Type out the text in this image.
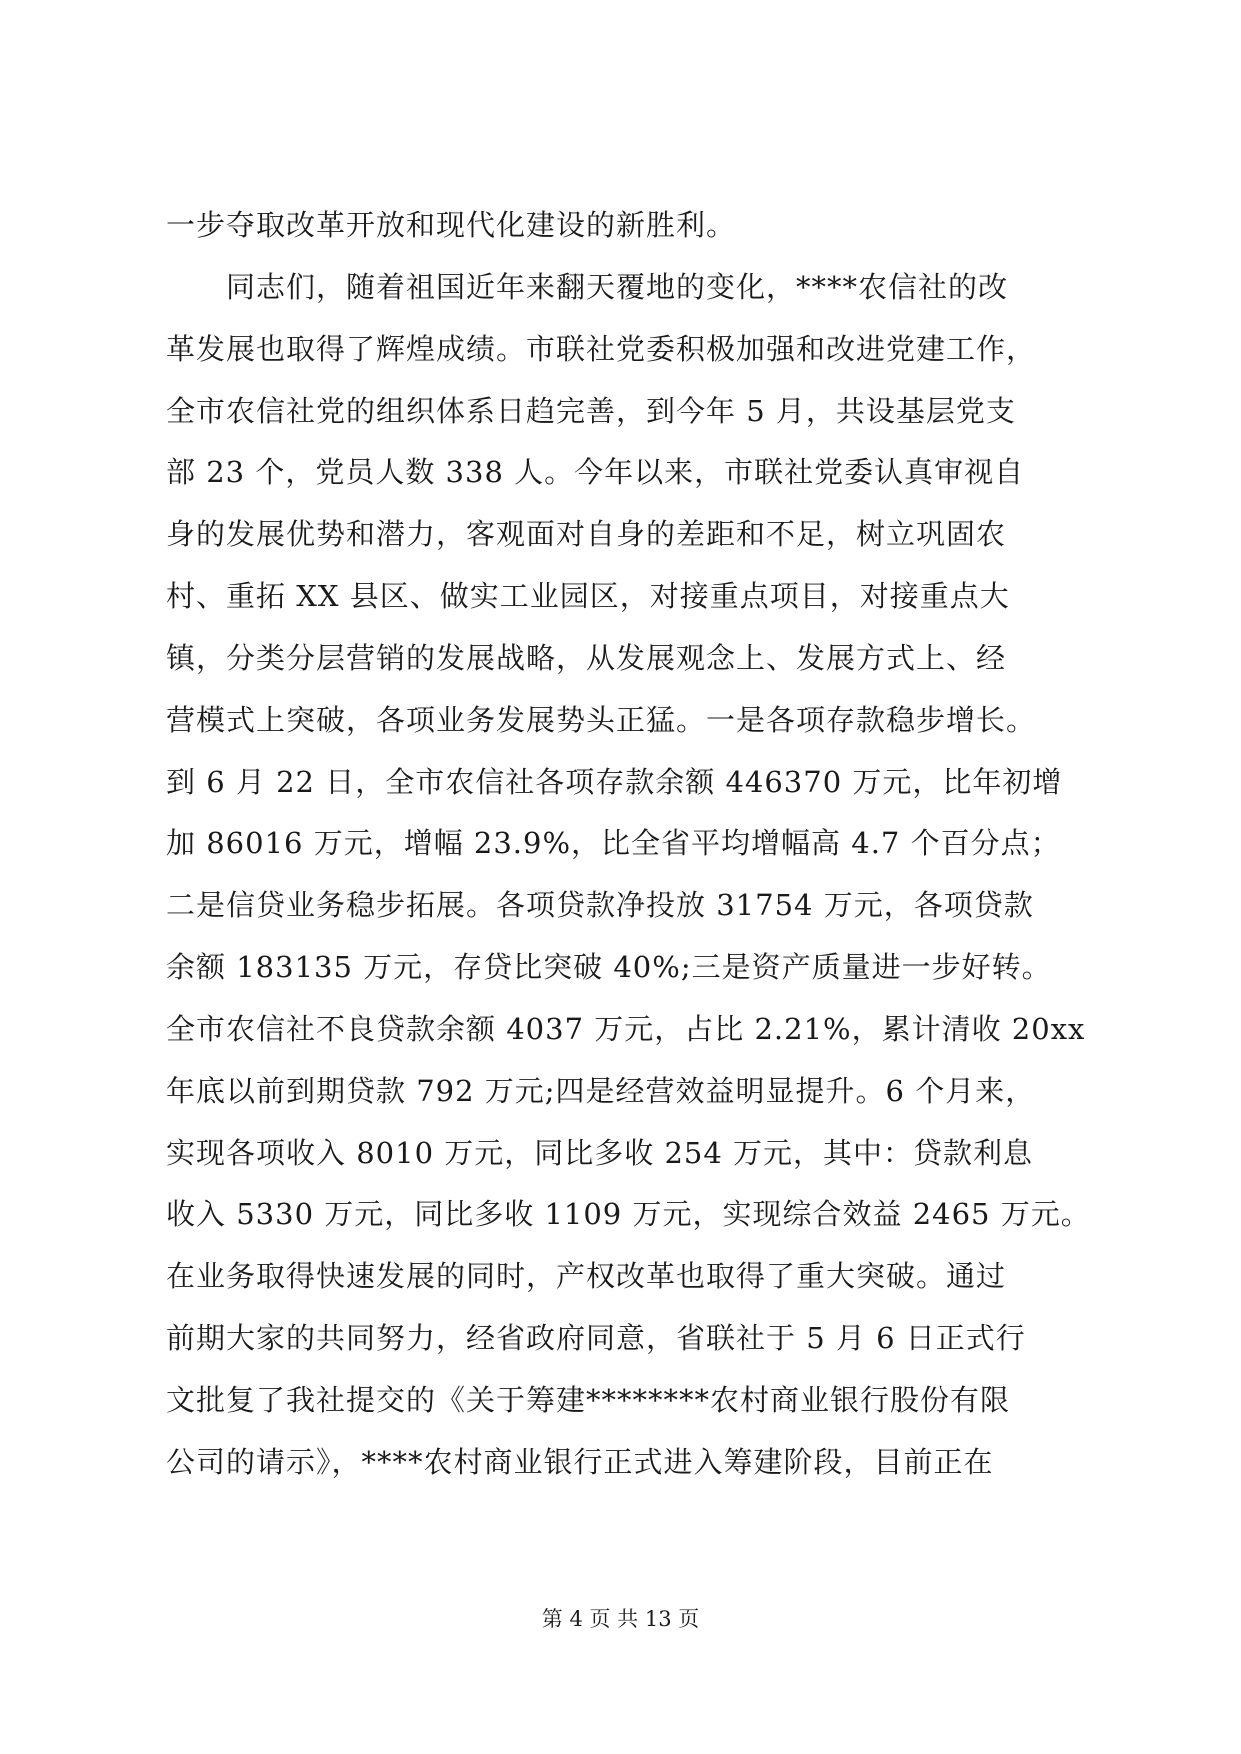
一步夺取改革开放和现代化建设的新胜利。
　　同志们，随着祖国近年来翻天覆地的变化，****农信社的改
革发展也取得了辉煌成绩。市联社党委积极加强和改进党建工作，
全市农信社党的组织体系日趋完善，到今年 5 月，共设基层党支
部 23 个，党员人数 338 人。今年以来，市联社党委认真审视自
身的发展优势和潜力，客观面对自身的差距和不足，树立巩固农
村、重拓 XX 县区、做实工业园区，对接重点项目，对接重点大
镇，分类分层营销的发展战略，从发展观念上、发展方式上、经
营模式上突破，各项业务发展势头正猛。一是各项存款稳步增长。
到 6 月 22 日，全市农信社各项存款余额 446370 万元，比年初增
加 86016 万元，增幅 23.9%，比全省平均增幅高 4.7 个百分点；
二是信贷业务稳步拓展。各项贷款净投放 31754 万元，各项贷款
余额 183135 万元，存贷比突破 40%;三是资产质量进一步好转。
全市农信社不良贷款余额 4037 万元，占比 2.21%，累计清收 20xx
年底以前到期贷款 792 万元;四是经营效益明显提升。6 个月来，
实现各项收入 8010 万元，同比多收 254 万元，其中：贷款利息
收入 5330 万元，同比多收 1109 万元，实现综合效益 2465 万元。
在业务取得快速发展的同时，产权改革也取得了重大突破。通过
前期大家的共同努力，经省政府同意，省联社于 5 月 6 日正式行
文批复了我社提交的《关于筹建********农村商业银行股份有限
公司的请示》，****农村商业银行正式进入筹建阶段，目前正在
第 4 页 共 13 页
